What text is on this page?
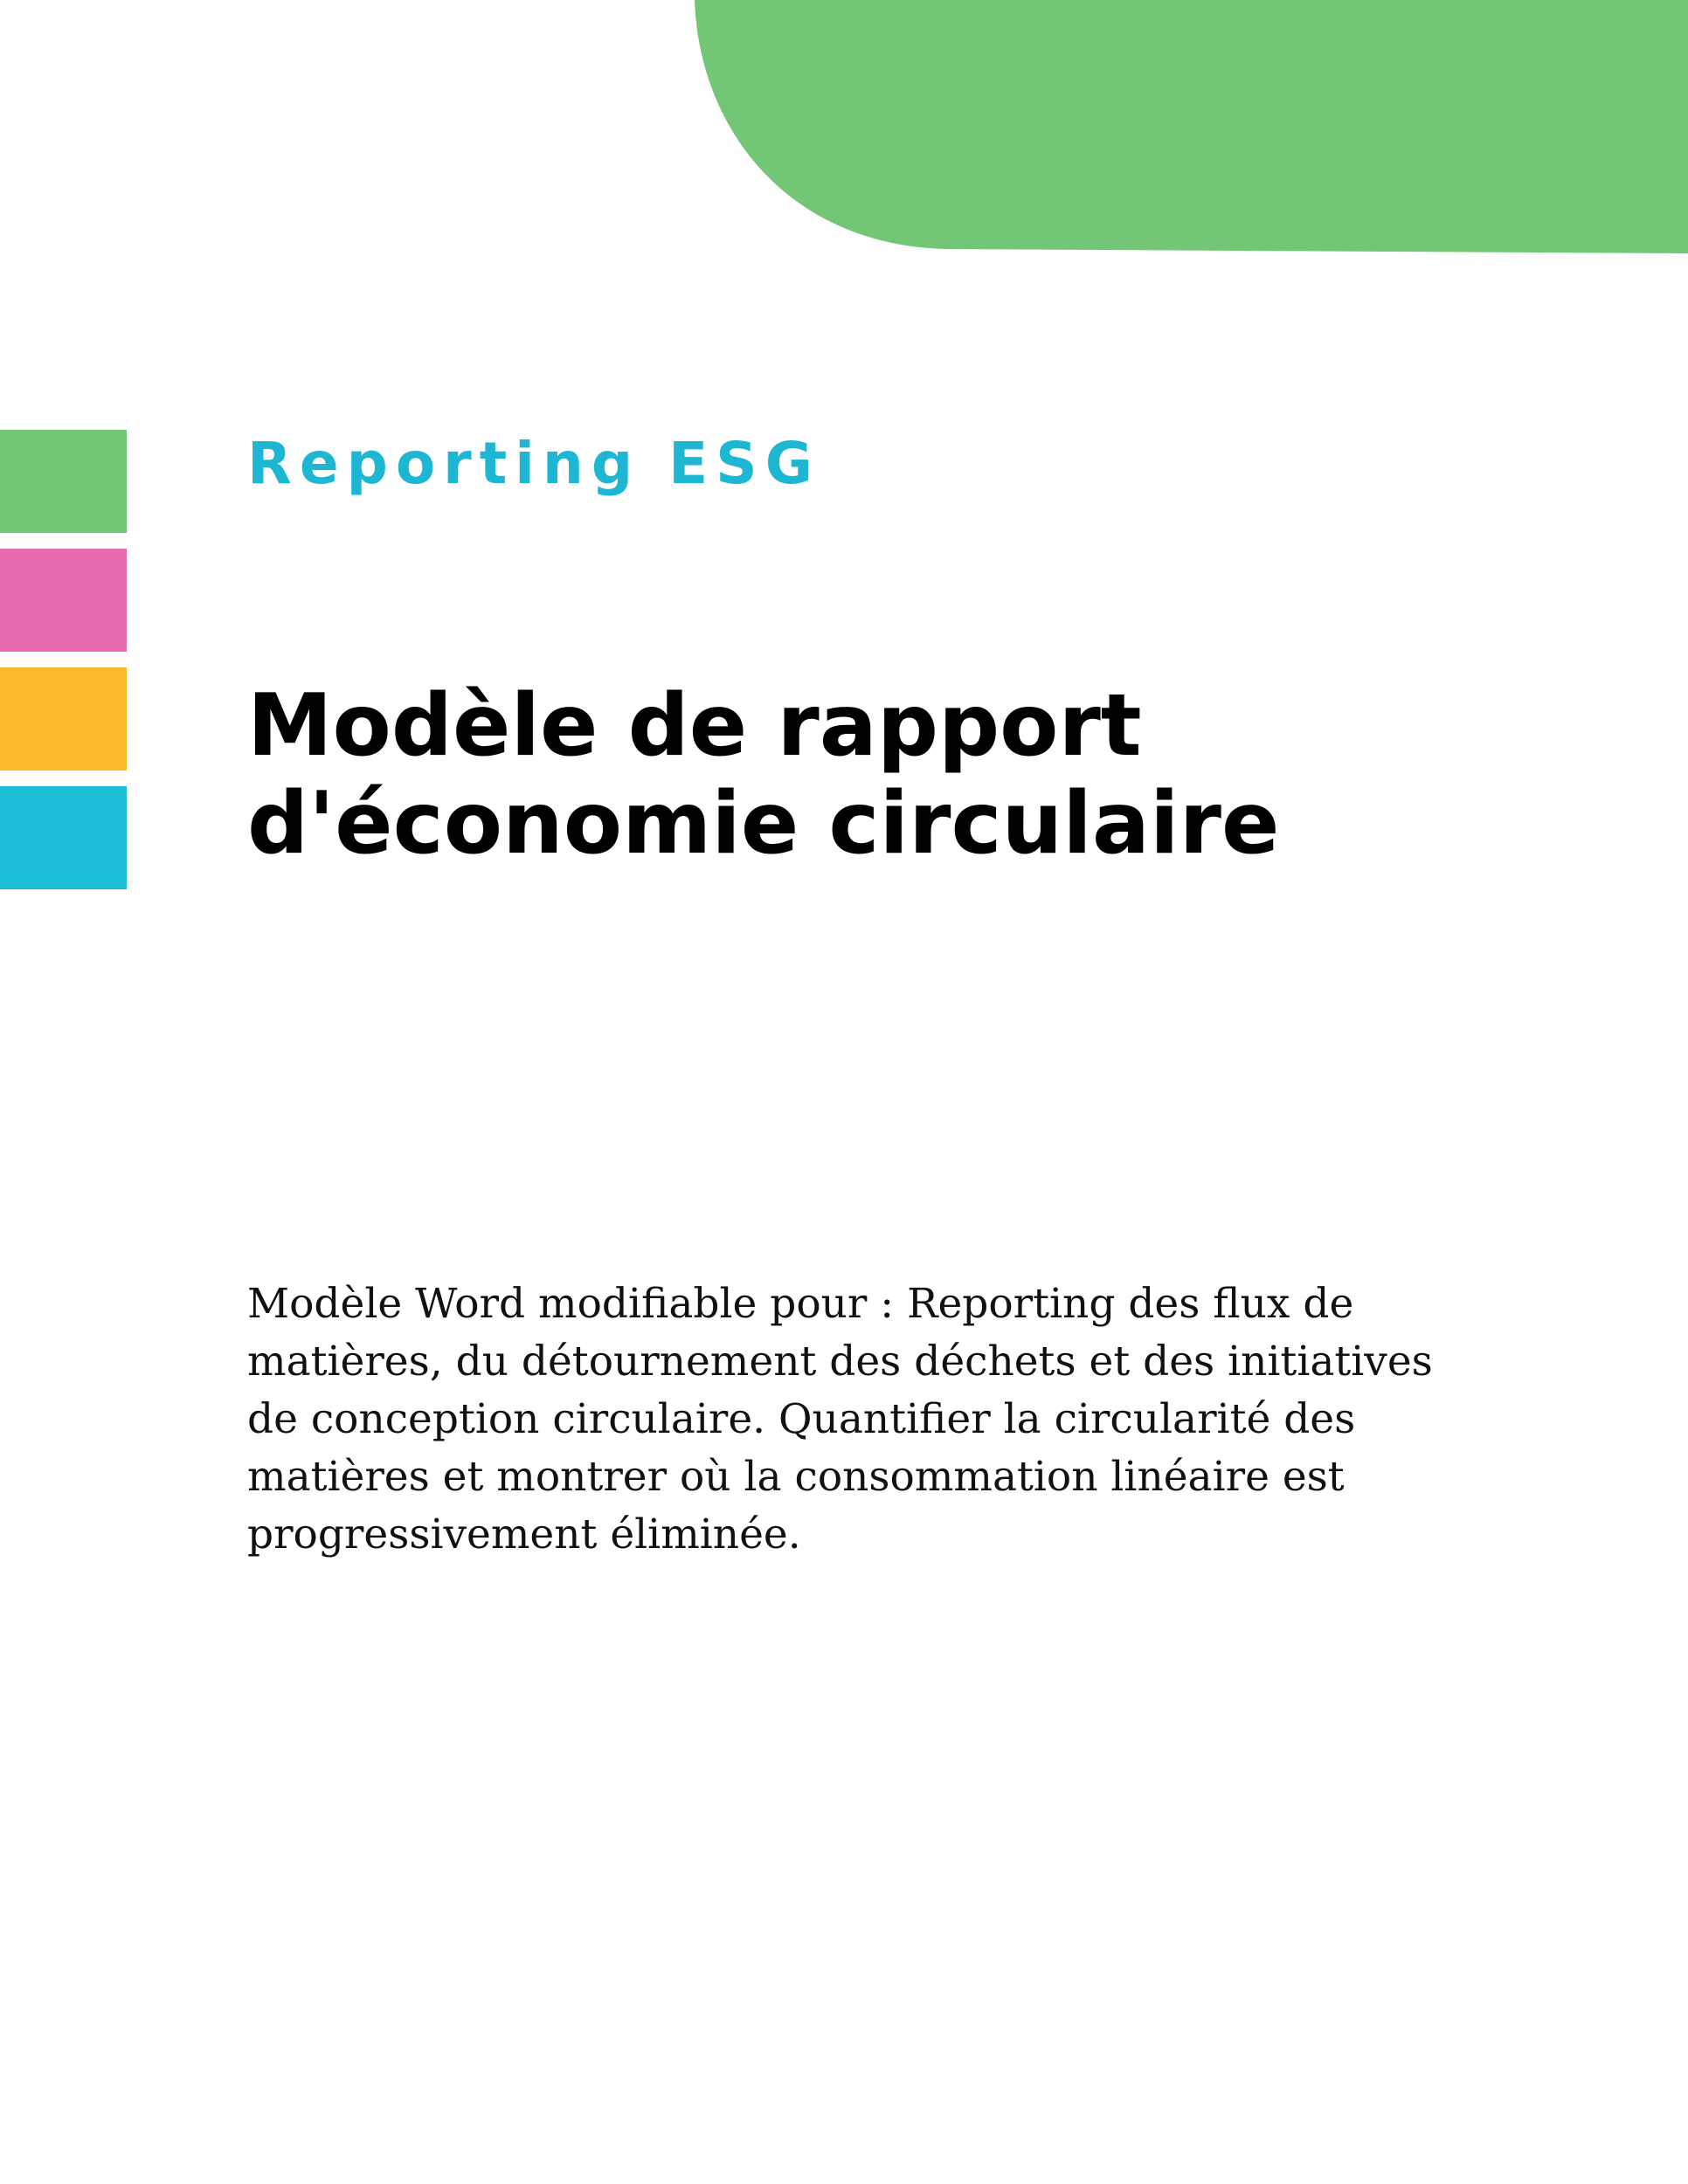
Reporting ESG
Modèle de rapport
d'économie circulaire

Modèle Word modifiable pour : Reporting des flux de
matières, du détournement des déchets et des initiatives
de conception circulaire. Quantifier la circularité des
matières et montrer où la consommation linéaire est
progressivement éliminée.
